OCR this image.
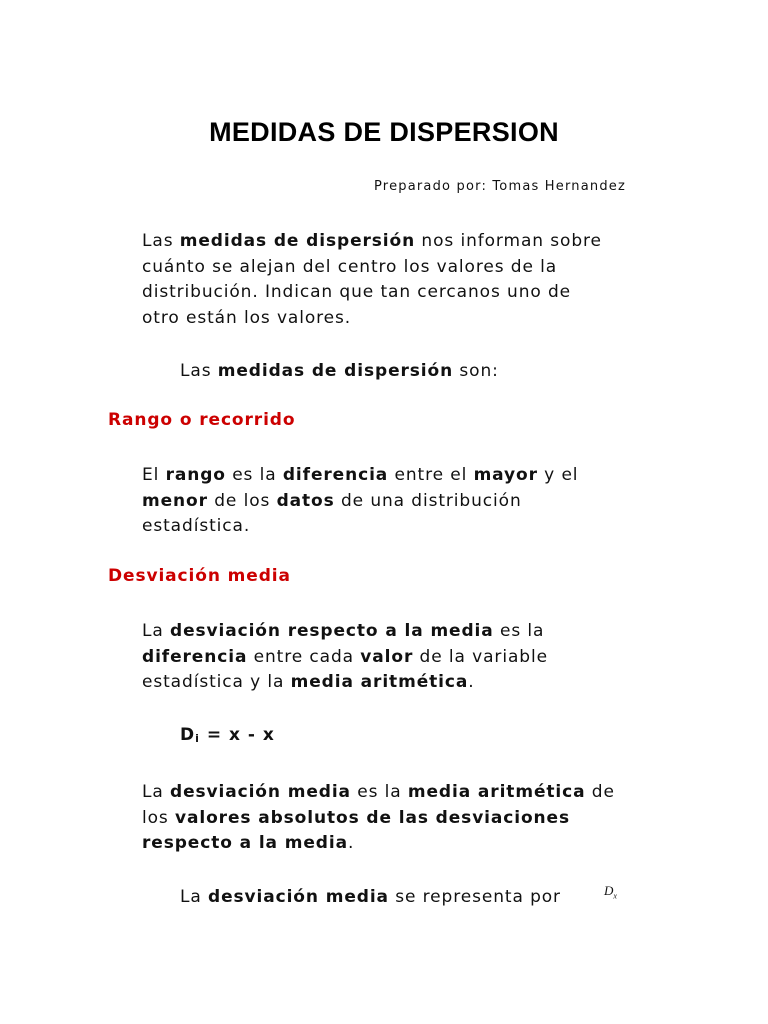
MEDIDAS DE DISPERSION

Preparado por: Tomas Hernandez

Las medidas de dispersión nos informan sobre cuánto se alejan del centro los valores de la distribución. Indican que tan cercanos uno de otro están los valores.

Las medidas de dispersión son:

Rango o recorrido

El rango es la diferencia entre el mayor y el menor de los datos de una distribución estadística.

Desviación media

La desviación respecto a la media es la diferencia entre cada valor de la variable estadística y la media aritmética.

$D_i = x - x$

La desviación media es la media aritmética de los valores absolutos de las desviaciones respecto a la media.

La desviación media se representa por	$D_x$
